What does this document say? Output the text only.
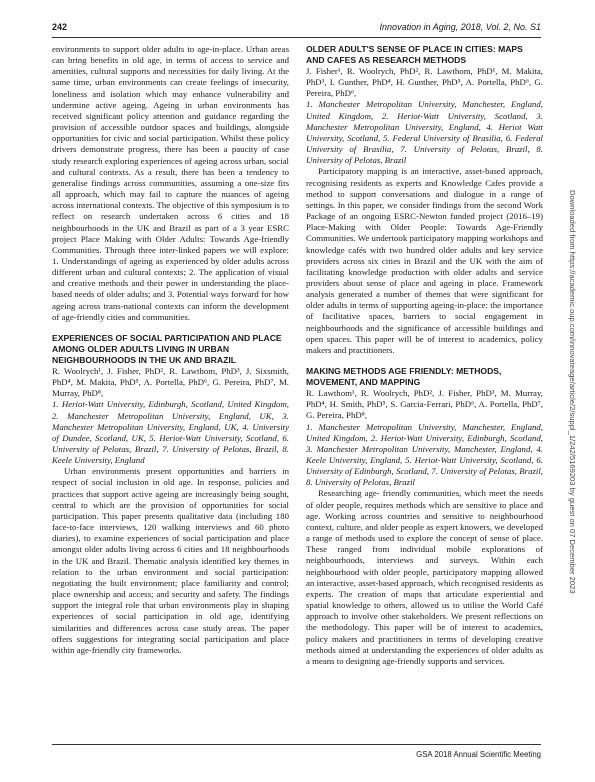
242	Innovation in Aging, 2018, Vol. 2, No. S1

environments to support older adults to age-in-place. Urban areas can bring benefits in old age, in terms of access to service and amenities, cultural supports and necessities for daily living. At the same time, urban environments can create feelings of insecurity, loneliness and isolation which may enhance vulnerability and undermine active ageing. Ageing in urban environments has received significant policy attention and guidance regarding the provision of accessible outdoor spaces and buildings, alongside opportunities for civic and social participation. Whilst these policy drivers demonstrate progress, there has been a paucity of case study research exploring experiences of ageing across urban, social and cultural contexts. As a result, there has been a tendency to generalise findings across communities, assuming a one-size fits all approach, which may fail to capture the nuances of ageing across international contexts. The objective of this symposium is to reflect on research undertaken across 6 cities and 18 neighbourhoods in the UK and Brazil as part of a 3 year ESRC project Place Making with Older Adults: Towards Age-friendly Communities. Through three inter-linked papers we will explore: 1. Understandings of ageing as experienced by older adults across different urban and cultural contexts; 2. The application of visual and creative methods and their power in understanding the place-based needs of older adults; and 3. Potential ways forward for how ageing across trans-national contexts can inform the development of age-friendly cities and communities.

EXPERIENCES OF SOCIAL PARTICIPATION AND PLACE AMONG OLDER ADULTS LIVING IN URBAN NEIGHBOURHOODS IN THE UK AND BRAZIL

R. Woolrych¹, J. Fisher, PhD², R. Lawthom, PhD³, J. Sixsmith, PhD⁴, M. Makita, PhD⁵, A. Portella, PhD⁶, G. Pereira, PhD⁷, M. Murray, PhD⁸,

1. Heriot-Watt University, Edinburgh, Scotland, United Kingdom, 2. Manchester Metropolitan University, England, UK, 3. Manchester Metropolitan University, England, UK, 4. University of Dundee, Scotland, UK, 5. Heriot-Watt University, Scotland, 6. University of Pelotas, Brazil, 7. University of Pelotas, Brazil, 8. Keele University, England

Urban environments present opportunities and barriers in respect of social inclusion in old age. In response, policies and practices that support active ageing are increasingly being sought, central to which are the provision of opportunities for social participation. This paper presents qualitative data (including 180 face-to-face interviews, 120 walking interviews and 60 photo diaries), to examine experiences of social participation and place amongst older adults living across 6 cities and 18 neighbourhoods in the UK and Brazil. Thematic analysis identified key themes in relation to the urban environment and social participation: negotiating the built environment; place familiarity and control; place ownership and access; and security and safety. The findings support the integral role that urban environments play in shaping experiences of social participation in old age, identifying similarities and differences across case study areas. The paper offers suggestions for integrating social participation and place within age-friendly city frameworks.

OLDER ADULT'S SENSE OF PLACE IN CITIES: MAPS AND CAFES AS RESEARCH METHODS

J. Fisher¹, R. Woolrych, PhD², R. Lawthom, PhD¹, M. Makita, PhD³, I. Gunther, PhD⁴, H. Gunther, PhD⁵, A. Portella, PhD⁶, G. Pereira, PhD⁶,

1. Manchester Metropolitan University, Manchester, England, United Kingdom, 2. Heriot-Watt University, Scotland, 3. Manchester Metropolitan University, England, 4. Heriot Watt University, Scotland, 5. Federal University of Brasilia, 6. Federal University of Brasilia, 7. University of Pelotas, Brazil, 8. University of Pelotas, Brazil

Participatory mapping is an interactive, asset-based approach, recognising residents as experts and Knowledge Cafes provide a method to support conversations and dialogue in a range of settings. In this paper, we consider findings from the second Work Package of an ongoing ESRC-Newton funded project (2016–19) Place-Making with Older People: Towards Age-Friendly Communities. We undertook participatory mapping workshops and knowledge cafés with two hundred older adults and key service providers across six cities in Brazil and the UK with the aim of facilitating knowledge production with older adults and service providers about sense of place and ageing in place. Framework analysis generated a number of themes that were significant for older adults in terms of supporting ageing-in-place: the importance of facilitative spaces, barriers to social engagement in neighbourhoods and the significance of accessible buildings and open spaces. This paper will be of interest to academics, policy makers and practitioners.

MAKING METHODS AGE FRIENDLY: METHODS, MOVEMENT, AND MAPPING

R. Lawthom¹, R. Woolrych, PhD², J. Fisher, PhD³, M. Murray, PhD⁴, H. Smith, PhD⁵, S. Garcia-Ferrari, PhD⁶, A. Portella, PhD⁷, G. Pereira, PhD⁸,

1. Manchester Metropolitan University, Manchester, England, United Kingdom, 2. Heriot-Watt University, Edinburgh, Scotland, 3. Manchester Metropolitan University, Manchester, England, 4. Keele University, England, 5. Heriot-Watt University, Scotland, 6. University of Edinburgh, Scotland, 7. University of Pelotas, Brazil, 8. University of Pelotas, Brazil

Researching age- friendly communities, which meet the needs of older people, requires methods which are sensitive to place and age. Working across countries and sensitive to neighbourhood context, culture, and older people as expert knowers, we developed a range of methods used to explore the concept of sense of place. These ranged from individual mobile explorations of neighbourhoods, interviews and surveys. Within each neighbourhood with older people, participatory mapping allowed an interactive, asset-based approach, which recognised residents as experts. The creation of maps that articulate experiential and spatial knowledge to others, allowed us to utilise the World Café approach to involve other stakeholders. We present reflections on the methodology. This paper will be of interest to academics, policy makers and practitioners in terms of developing creative methods aimed at understanding the experiences of older adults as a means to designing age-friendly supports and services.

Downloaded from https://academic.oup.com/innovateage/article/2/suppl_1/242/5169203 by guest on 07 December 2023
GSA 2018 Annual Scientific Meeting
